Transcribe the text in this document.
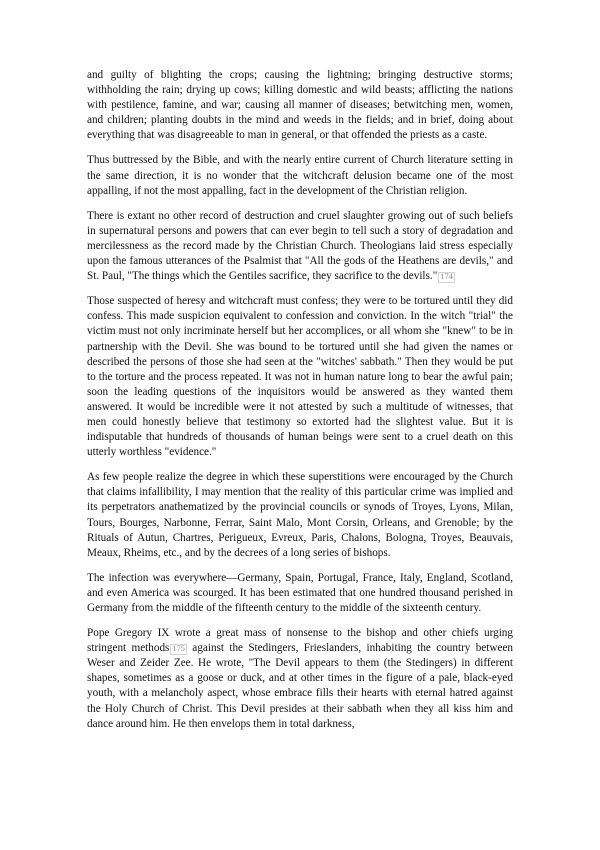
and guilty of blighting the crops; causing the lightning; bringing destructive storms; withholding the rain; drying up cows; killing domestic and wild beasts; afflicting the nations with pestilence, famine, and war; causing all manner of diseases; betwitching men, women, and children; planting doubts in the mind and weeds in the fields; and in brief, doing about everything that was disagreeable to man in general, or that offended the priests as a caste.

Thus buttressed by the Bible, and with the nearly entire current of Church literature setting in the same direction, it is no wonder that the witchcraft delusion became one of the most appalling, if not the most appalling, fact in the development of the Christian religion.

There is extant no other record of destruction and cruel slaughter growing out of such beliefs in supernatural persons and powers that can ever begin to tell such a story of degradation and mercilessness as the record made by the Christian Church. Theologians laid stress especially upon the famous utterances of the Psalmist that "All the gods of the Heathens are devils," and St. Paul, "The things which the Gentiles sacrifice, they sacrifice to the devils." 174

Those suspected of heresy and witchcraft must confess; they were to be tortured until they did confess. This made suspicion equivalent to confession and conviction. In the witch "trial" the victim must not only incriminate herself but her accomplices, or all whom she "knew" to be in partnership with the Devil. She was bound to be tortured until she had given the names or described the persons of those she had seen at the "witches' sabbath." Then they would be put to the torture and the process repeated. It was not in human nature long to bear the awful pain; soon the leading questions of the inquisitors would be answered as they wanted them answered. It would be incredible were it not attested by such a multitude of witnesses, that men could honestly believe that testimony so extorted had the slightest value. But it is indisputable that hundreds of thousands of human beings were sent to a cruel death on this utterly worthless "evidence."

As few people realize the degree in which these superstitions were encouraged by the Church that claims infallibility, I may mention that the reality of this particular crime was implied and its perpetrators anathematized by the provincial councils or synods of Troyes, Lyons, Milan, Tours, Bourges, Narbonne, Ferrar, Saint Malo, Mont Corsin, Orleans, and Grenoble; by the Rituals of Autun, Chartres, Perigueux, Evreux, Paris, Chalons, Bologna, Troyes, Beauvais, Meaux, Rheims, etc., and by the decrees of a long series of bishops.

The infection was everywhere—Germany, Spain, Portugal, France, Italy, England, Scotland, and even America was scourged. It has been estimated that one hundred thousand perished in Germany from the middle of the fifteenth century to the middle of the sixteenth century.

Pope Gregory IX wrote a great mass of nonsense to the bishop and other chiefs urging stringent methods 175 against the Stedingers, Frieslanders, inhabiting the country between Weser and Zeider Zee. He wrote, "The Devil appears to them (the Stedingers) in different shapes, sometimes as a goose or duck, and at other times in the figure of a pale, black-eyed youth, with a melancholy aspect, whose embrace fills their hearts with eternal hatred against the Holy Church of Christ. This Devil presides at their sabbath when they all kiss him and dance around him. He then envelops them in total darkness,
